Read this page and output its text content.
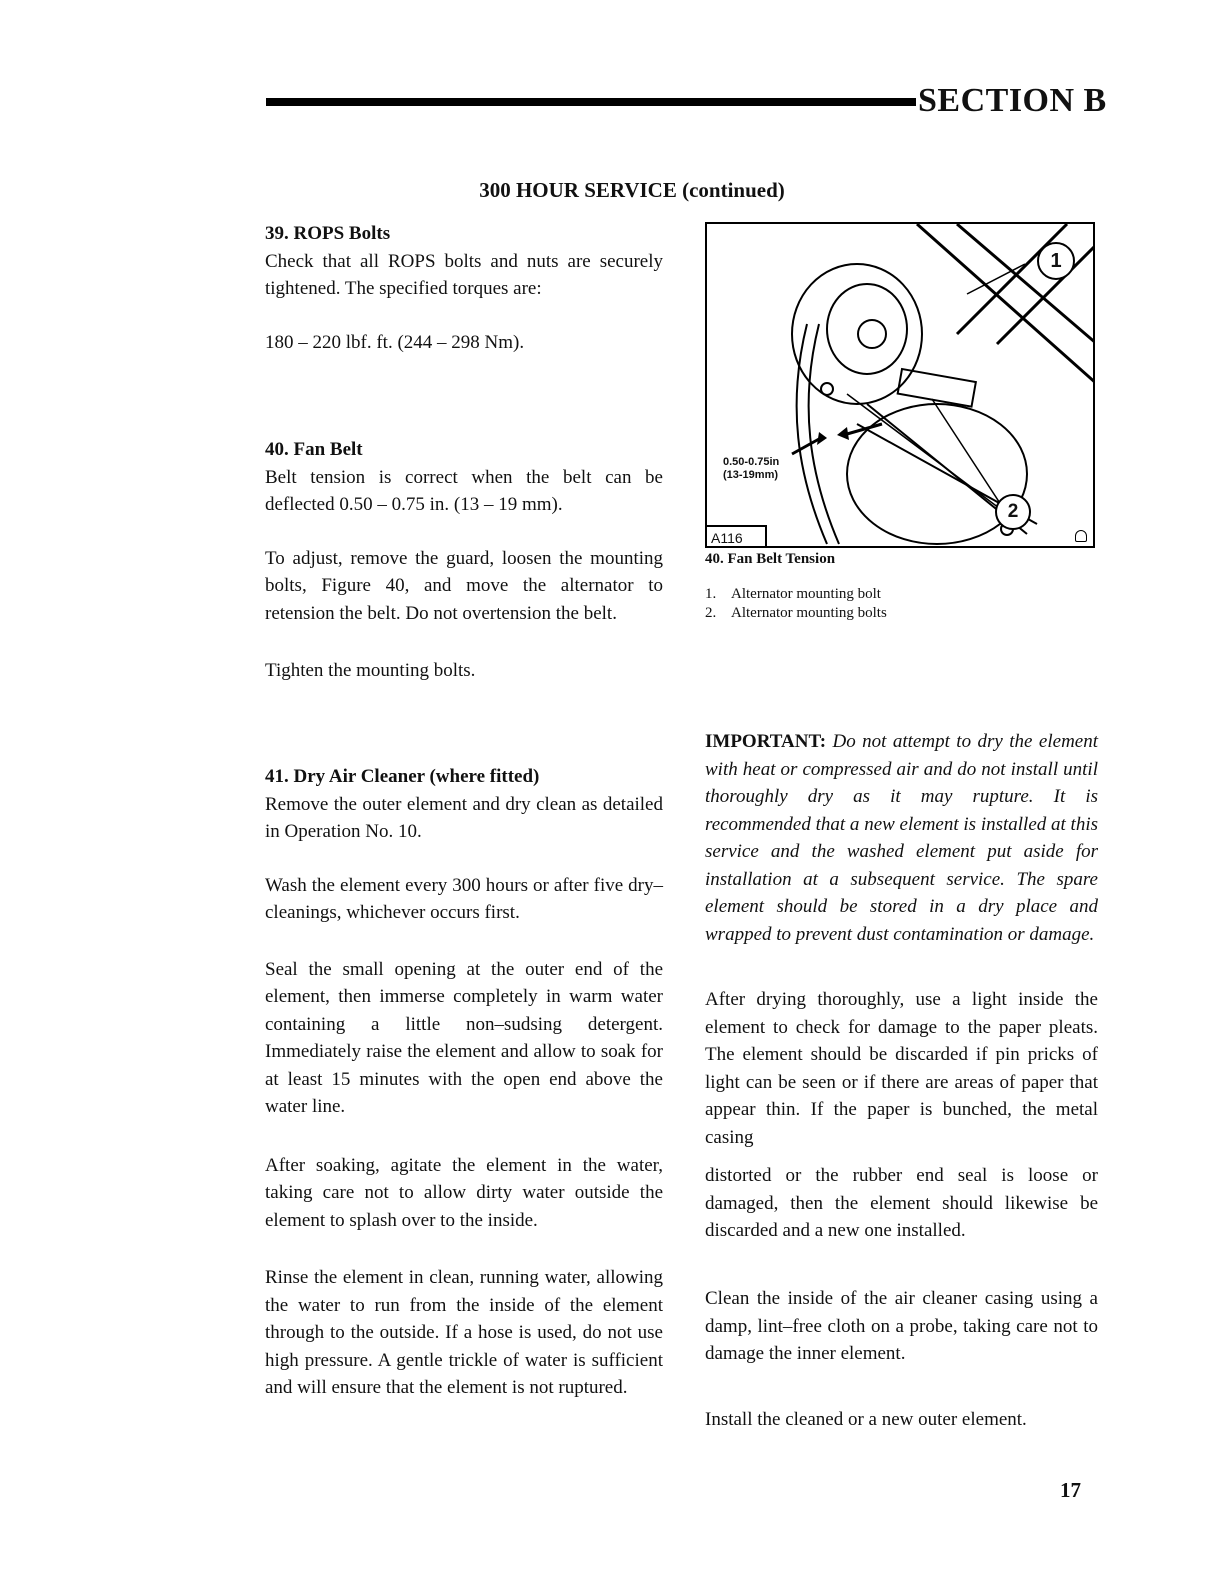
SECTION B
300 HOUR SERVICE (continued)
39. ROPS Bolts

Check that all ROPS bolts and nuts are securely tightened. The specified torques are:

180 – 220 lbf. ft. (244 – 298 Nm).

40. Fan Belt

Belt tension is correct when the belt can be deflected 0.50 – 0.75 in. (13 – 19 mm).

To adjust, remove the guard, loosen the mounting bolts, Figure 40, and move the alternator to retension the belt. Do not overtension the belt.

Tighten the mounting bolts.

41. Dry Air Cleaner (where fitted)

Remove the outer element and dry clean as detailed in Operation No. 10.

Wash the element every 300 hours or after five dry–cleanings, whichever occurs first.

Seal the small opening at the outer end of the element, then immerse completely in warm water containing a little non–sudsing detergent. Immediately raise the element and allow to soak for at least 15 minutes with the open end above the water line.

After soaking, agitate the element in the water, taking care not to allow dirty water outside the element to splash over to the inside.

Rinse the element in clean, running water, allowing the water to run from the inside of the element through to the outside. If a hose is used, do not use high pressure. A gentle trickle of water is sufficient and will ensure that the element is not ruptured.

1
2
0.50-0.75in
(13-19mm)
A116
40. Fan Belt Tension
1. Alternator mounting bolt
2. Alternator mounting bolts

IMPORTANT: Do not attempt to dry the element with heat or compressed air and do not install until thoroughly dry as it may rupture. It is recommended that a new element is installed at this service and the washed element put aside for installation at a subsequent service. The spare element should be stored in a dry place and wrapped to prevent dust contamination or damage.

After drying thoroughly, use a light inside the element to check for damage to the paper pleats. The element should be discarded if pin pricks of light can be seen or if there are areas of paper that appear thin. If the paper is bunched, the metal casing
distorted or the rubber end seal is loose or damaged, then the element should likewise be discarded and a new one installed.
Clean the inside of the air cleaner casing using a damp, lint–free cloth on a probe, taking care not to damage the inner element.
Install the cleaned or a new outer element.
17
